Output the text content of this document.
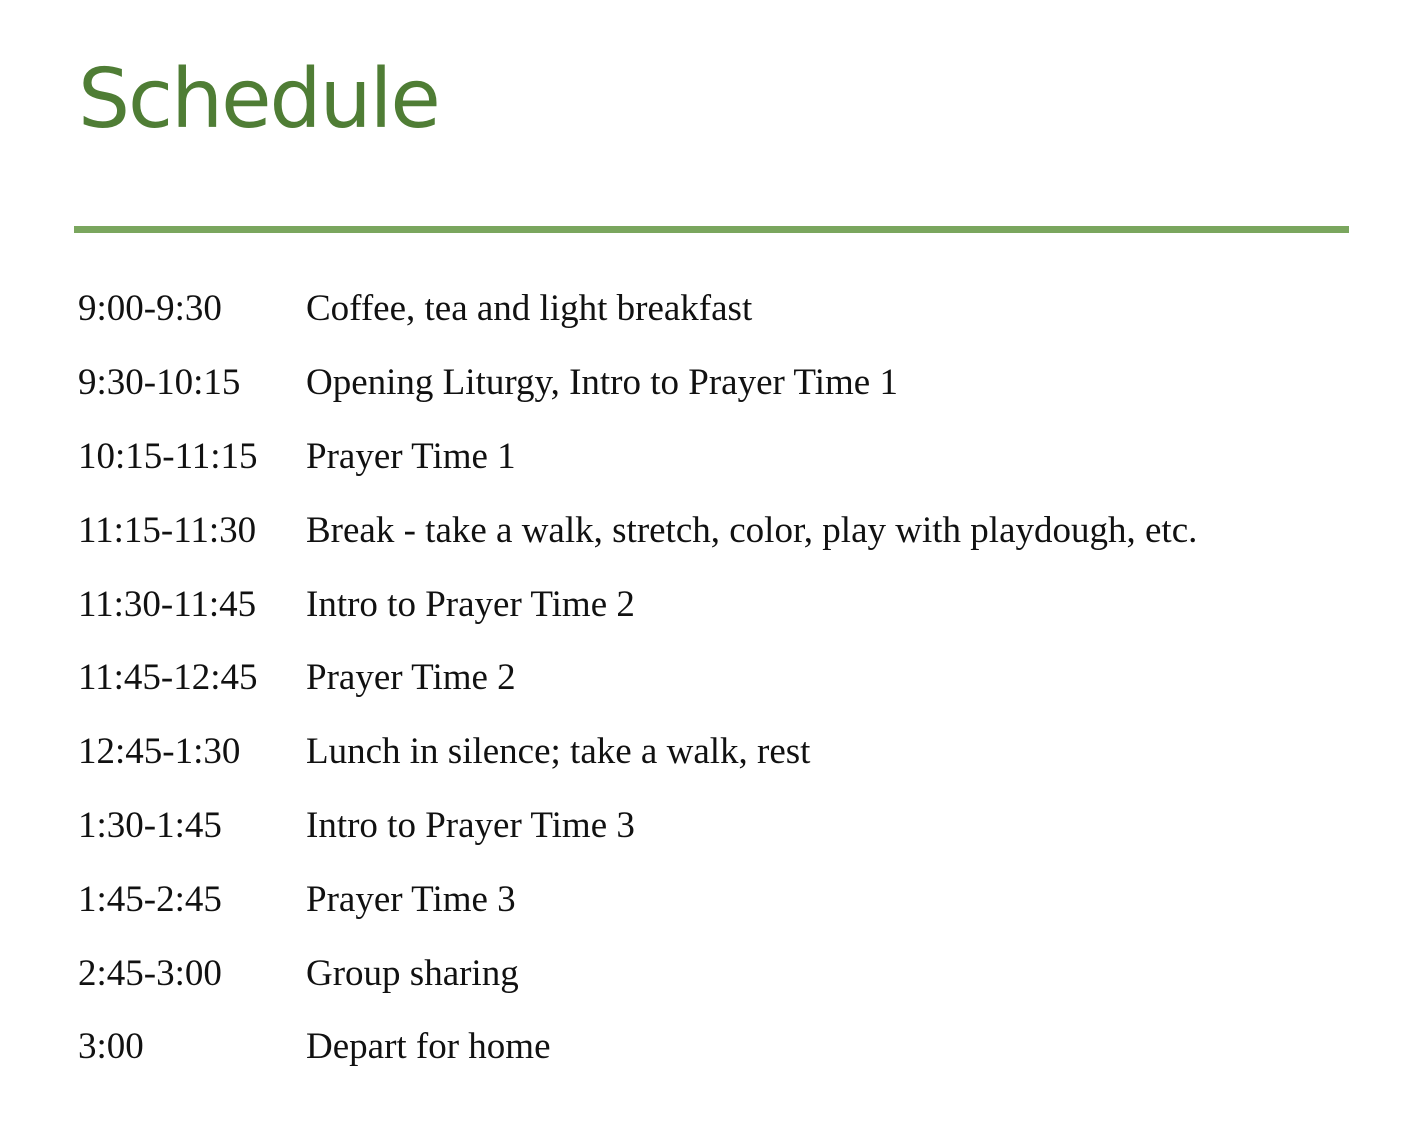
Schedule
9:00-9:30	Coffee, tea and light breakfast
9:30-10:15	Opening Liturgy, Intro to Prayer Time 1
10:15-11:15	Prayer Time 1
11:15-11:30	Break - take a walk, stretch, color, play with playdough, etc.
11:30-11:45	Intro to Prayer Time 2
11:45-12:45	Prayer Time 2
12:45-1:30	Lunch in silence; take a walk, rest
1:30-1:45	Intro to Prayer Time 3
1:45-2:45	Prayer Time 3
2:45-3:00	Group sharing
3:00	Depart for home
